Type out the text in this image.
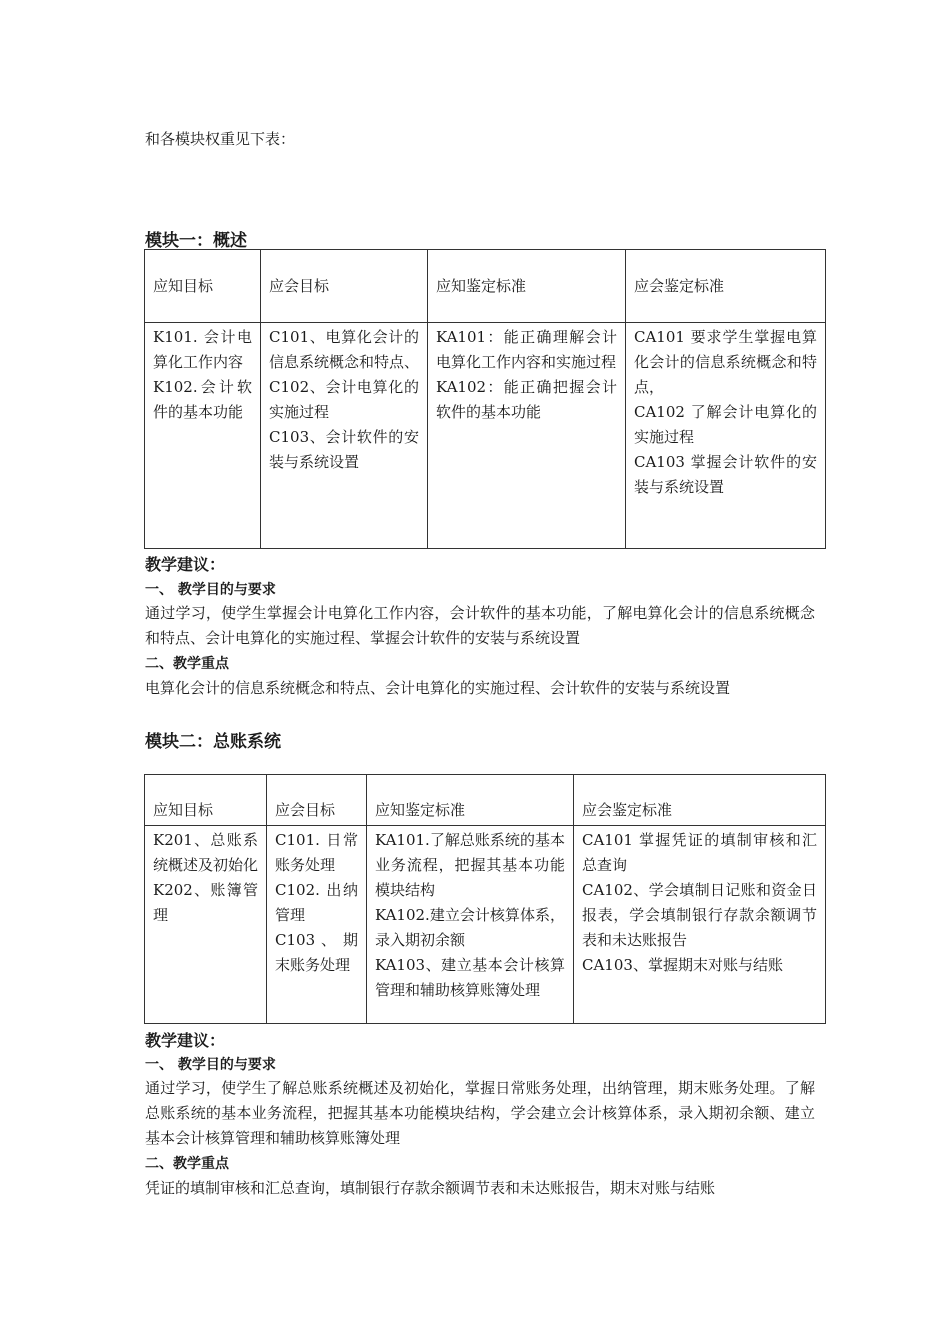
和各模块权重见下表：
模块一：概述
应知目标	应会目标	应知鉴定标准	应会鉴定标准

K101. 会计电算化工作内容
K102.会计软件的基本功能	C101、电算化会计的信息系统概念和特点、
C102、会计电算化的实施过程
C103、会计软件的安装与系统设置	KA101：能正确理解会计电算化工作内容和实施过程
KA102：能正确把握会计软件的基本功能	CA101 要求学生掌握电算化会计的信息系统概念和特点，
CA102 了解会计电算化的实施过程
CA103 掌握会计软件的安装与系统设置
教学建议：
一、 教学目的与要求
通过学习，使学生掌握会计电算化工作内容，会计软件的基本功能，了解电算化会计的信息系统概念和特点、会计电算化的实施过程、掌握会计软件的安装与系统设置
二、教学重点
电算化会计的信息系统概念和特点、会计电算化的实施过程、会计软件的安装与系统设置
模块二：总账系统
应知目标	应会目标	应知鉴定标准	应会鉴定标准

K201、总账系统概述及初始化
K202、账簿管理	C101. 日常账务处理
C102. 出纳管理
C103 、 期末账务处理	KA101.了解总账系统的基本业务流程，把握其基本功能模块结构
KA102.建立会计核算体系，录入期初余额
KA103、建立基本会计核算管理和辅助核算账簿处理	CA101 掌握凭证的填制审核和汇总查询
CA102、学会填制日记账和资金日报表，学会填制银行存款余额调节表和未达账报告
CA103、掌握期末对账与结账
教学建议：
一、 教学目的与要求
通过学习，使学生了解总账系统概述及初始化，掌握日常账务处理，出纳管理，期末账务处理。了解总账系统的基本业务流程，把握其基本功能模块结构，学会建立会计核算体系，录入期初余额、建立基本会计核算管理和辅助核算账簿处理
二、教学重点
凭证的填制审核和汇总查询，填制银行存款余额调节表和未达账报告，期末对账与结账
